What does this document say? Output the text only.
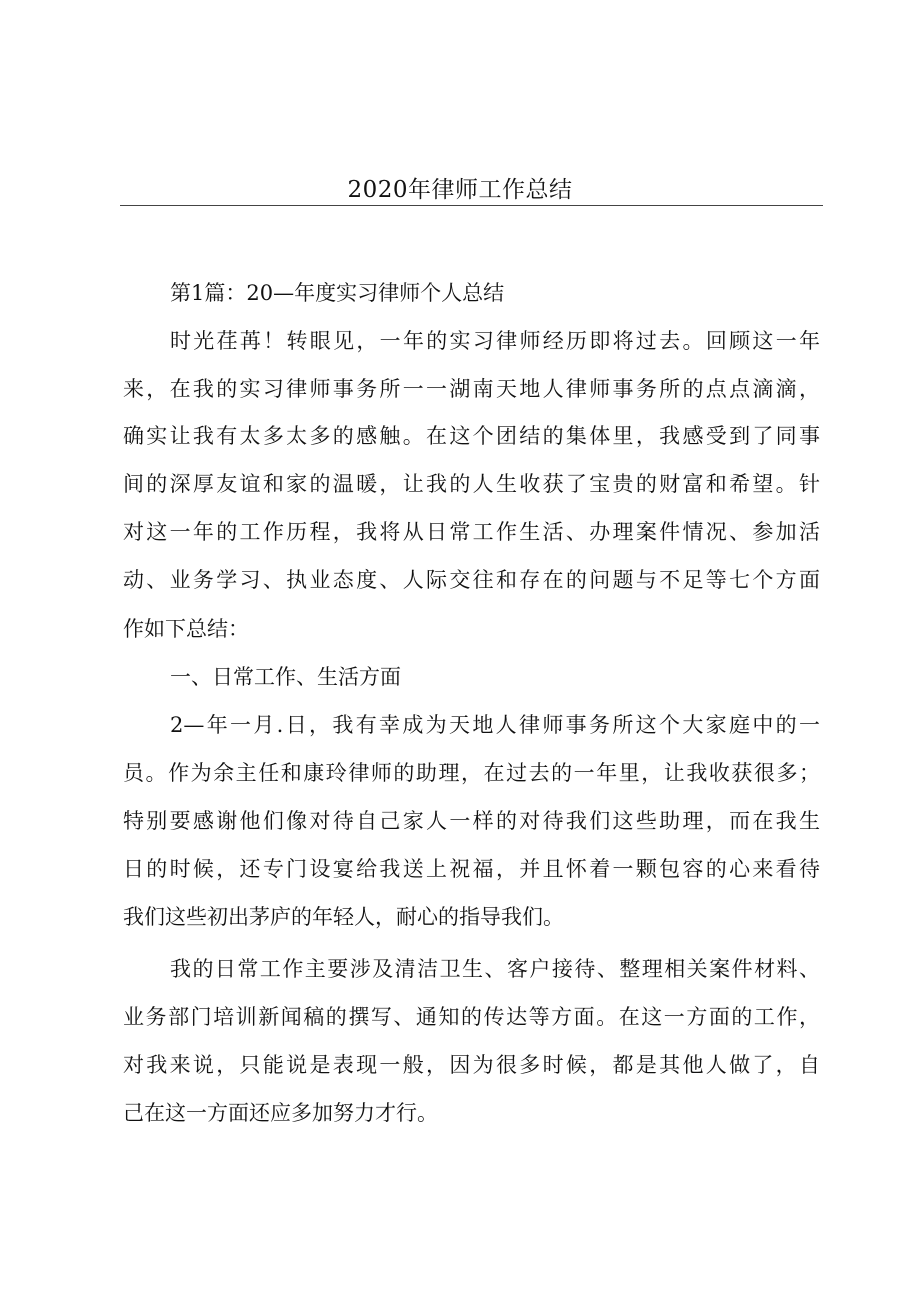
2020年律师工作总结
第1篇：20—年度实习律师个人总结
时光荏苒！转眼见，一年的实习律师经历即将过去。回顾这一年
来，在我的实习律师事务所一一湖南天地人律师事务所的点点滴滴，
确实让我有太多太多的感触。在这个团结的集体里，我感受到了同事
间的深厚友谊和家的温暖，让我的人生收获了宝贵的财富和希望。针
对这一年的工作历程，我将从日常工作生活、办理案件情况、参加活
动、业务学习、执业态度、人际交往和存在的问题与不足等七个方面
作如下总结：
一、日常工作、生活方面
2—年一月.日，我有幸成为天地人律师事务所这个大家庭中的一
员。作为余主任和康玲律师的助理，在过去的一年里，让我收获很多；
特别要感谢他们像对待自己家人一样的对待我们这些助理，而在我生
日的时候，还专门设宴给我送上祝福，并且怀着一颗包容的心来看待
我们这些初出茅庐的年轻人，耐心的指导我们。
我的日常工作主要涉及清洁卫生、客户接待、整理相关案件材料、
业务部门培训新闻稿的撰写、通知的传达等方面。在这一方面的工作，
对我来说，只能说是表现一般，因为很多时候，都是其他人做了，自
己在这一方面还应多加努力才行。
